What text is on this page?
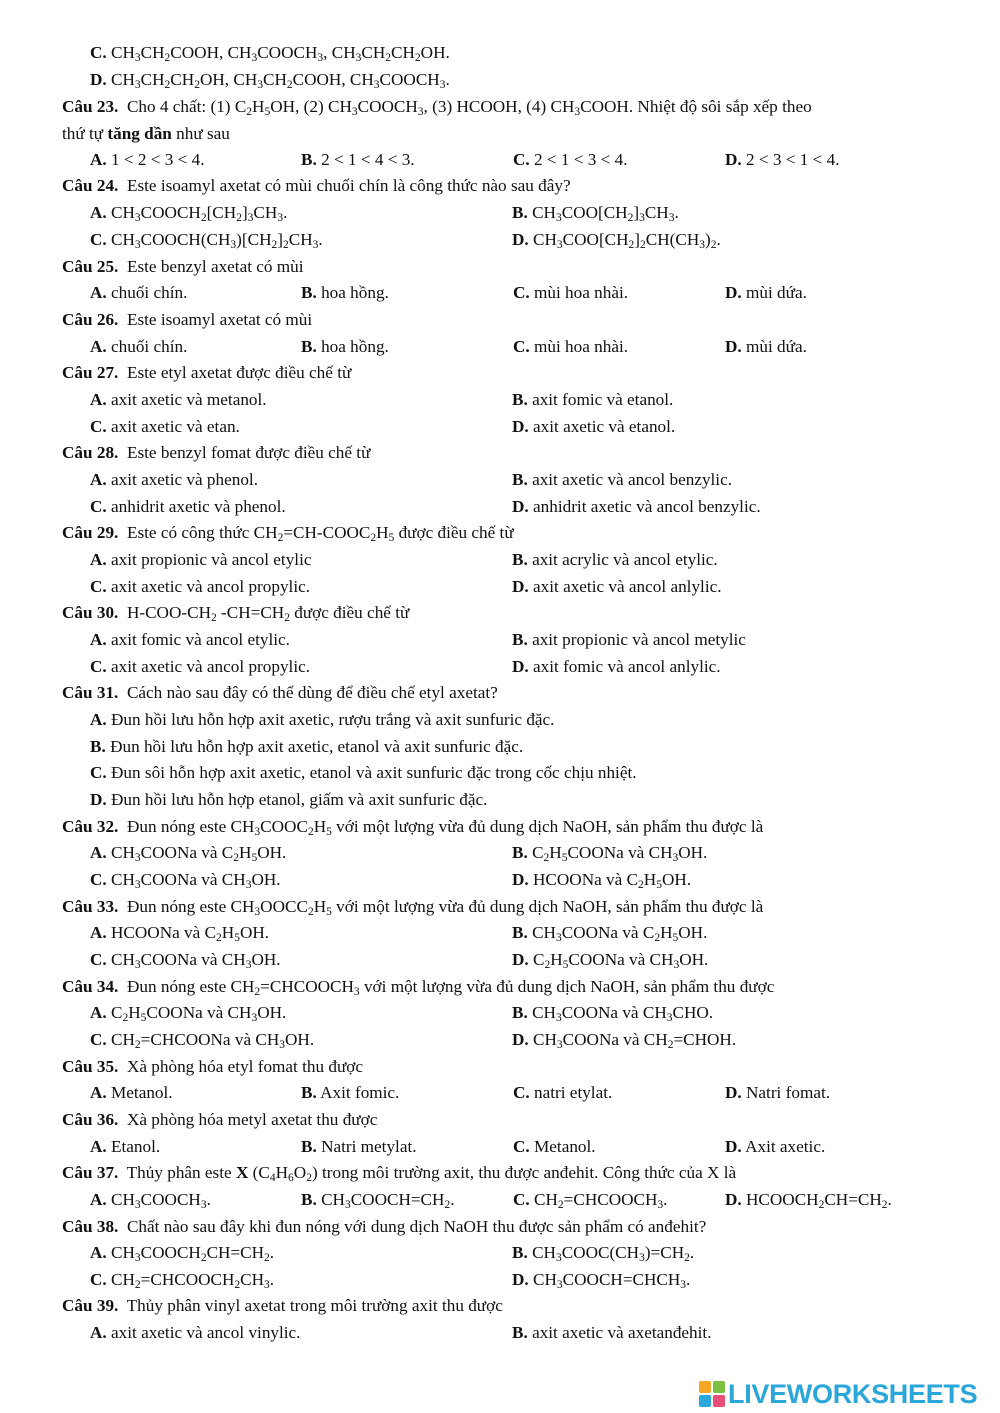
C. $CH_3CH_2COOH$, $CH_3COOCH_3$, $CH_3CH_2CH_2OH$.
D. $CH_3CH_2CH_2OH$, $CH_3CH_2COOH$, $CH_3COOCH_3$.
Câu 23.  Cho 4 chất: (1) $C_2H_5OH$, (2) $CH_3COOCH_3$, (3) HCOOH, (4) $CH_3COOH$. Nhiệt độ sôi sắp xếp theo
thứ tự tăng dần như sau
A. 1 < 2 < 3 < 4.	B. 2 < 1 < 4 < 3.	C. 2 < 1 < 3 < 4.	D. 2 < 3 < 1 < 4.
Câu 24.  Este isoamyl axetat có mùi chuối chín là công thức nào sau đây?
A. $CH_3COOCH_2[CH_2]_3CH_3$.	B. $CH_3COO[CH_2]_3CH_3$.
C. $CH_3COOCH(CH_3)[CH_2]_2CH_3$.	D. $CH_3COO[CH_2]_2CH(CH_3)_2$.
Câu 25.  Este benzyl axetat có mùi
A. chuối chín.	B. hoa hồng.	C. mùi hoa nhài.	D. mùi dứa.
Câu 26.  Este isoamyl axetat có mùi
A. chuối chín.	B. hoa hồng.	C. mùi hoa nhài.	D. mùi dứa.
Câu 27.  Este etyl axetat được điều chế từ
A. axit axetic và metanol.	B. axit fomic và etanol.
C. axit axetic và etan.	D. axit axetic và etanol.
Câu 28.  Este benzyl fomat được điều chế từ
A. axit axetic và phenol.	B. axit axetic và ancol benzylic.
C. anhidrit axetic và phenol.	D. anhidrit axetic và ancol benzylic.
Câu 29.  Este có công thức $CH_2=CH-COOC_2H_5$ được điều chế từ
A. axit propionic và ancol etylic	B. axit acrylic và ancol etylic.
C. axit axetic và ancol propylic.	D. axit axetic và ancol anlylic.
Câu 30.  $H-COO-CH_2$ $-CH=CH_2$ được điều chế từ
A. axit fomic và ancol etylic.	B. axit propionic và ancol metylic
C. axit axetic và ancol propylic.	D. axit fomic và ancol anlylic.
Câu 31.  Cách nào sau đây có thể dùng để điều chế etyl axetat?
A. Đun hồi lưu hỗn hợp axit axetic, rượu trắng và axit sunfuric đặc.
B. Đun hồi lưu hỗn hợp axit axetic, etanol và axit sunfuric đặc.
C. Đun sôi hỗn hợp axit axetic, etanol và axit sunfuric đặc trong cốc chịu nhiệt.
D. Đun hồi lưu hỗn hợp etanol, giấm và axit sunfuric đặc.
Câu 32.  Đun nóng este $CH_3COOC_2H_5$ với một lượng vừa đủ dung dịch NaOH, sản phẩm thu được là
A. $CH_3COONa$ và $C_2H_5OH$.	B. $C_2H_5COONa$ và $CH_3OH$.
C. $CH_3COONa$ và $CH_3OH$.	D. HCOONa và $C_2H_5OH$.
Câu 33.  Đun nóng este $CH_3OOCC_2H_5$ với một lượng vừa đủ dung dịch NaOH, sản phẩm thu được là
A. HCOONa và $C_2H_5OH$.	B. $CH_3COONa$ và $C_2H_5OH$.
C. $CH_3COONa$ và $CH_3OH$.	D. $C_2H_5COONa$ và $CH_3OH$.
Câu 34.  Đun nóng este $CH_2=CHCOOCH_3$ với một lượng vừa đủ dung dịch NaOH, sản phẩm thu được
A. $C_2H_5COONa$ và $CH_3OH$.	B. $CH_3COONa$ và $CH_3CHO$.
C. $CH_2=CHCOONa$ và $CH_3OH$.	D. $CH_3COONa$ và $CH_2=CHOH$.
Câu 35.  Xà phòng hóa etyl fomat thu được
A. Metanol.	B. Axit fomic.	C. natri etylat.	D. Natri fomat.
Câu 36.  Xà phòng hóa metyl axetat thu được
A. Etanol.	B. Natri metylat.	C. Metanol.	D. Axit axetic.
Câu 37.  Thủy phân este X $(C_4H_6O_2)$ trong môi trường axit, thu được anđehit. Công thức của X là
A. $CH_3COOCH_3$.	B. $CH_3COOCH=CH_2$.	C. $CH_2=CHCOOCH_3$.	D. $HCOOCH_2CH=CH_2$.
Câu 38.  Chất nào sau đây khi đun nóng với dung dịch NaOH thu được sản phẩm có anđehit?
A. $CH_3COOCH_2CH=CH_2$.	B. $CH_3COOC(CH_3)=CH_2$.
C. $CH_2=CHCOOCH_2CH_3$.	D. $CH_3COOCH=CHCH_3$.
Câu 39.  Thủy phân vinyl axetat trong môi trường axit thu được
A. axit axetic và ancol vinylic.	B. axit axetic và axetanđehit.
LIVEWORKSHEETS
